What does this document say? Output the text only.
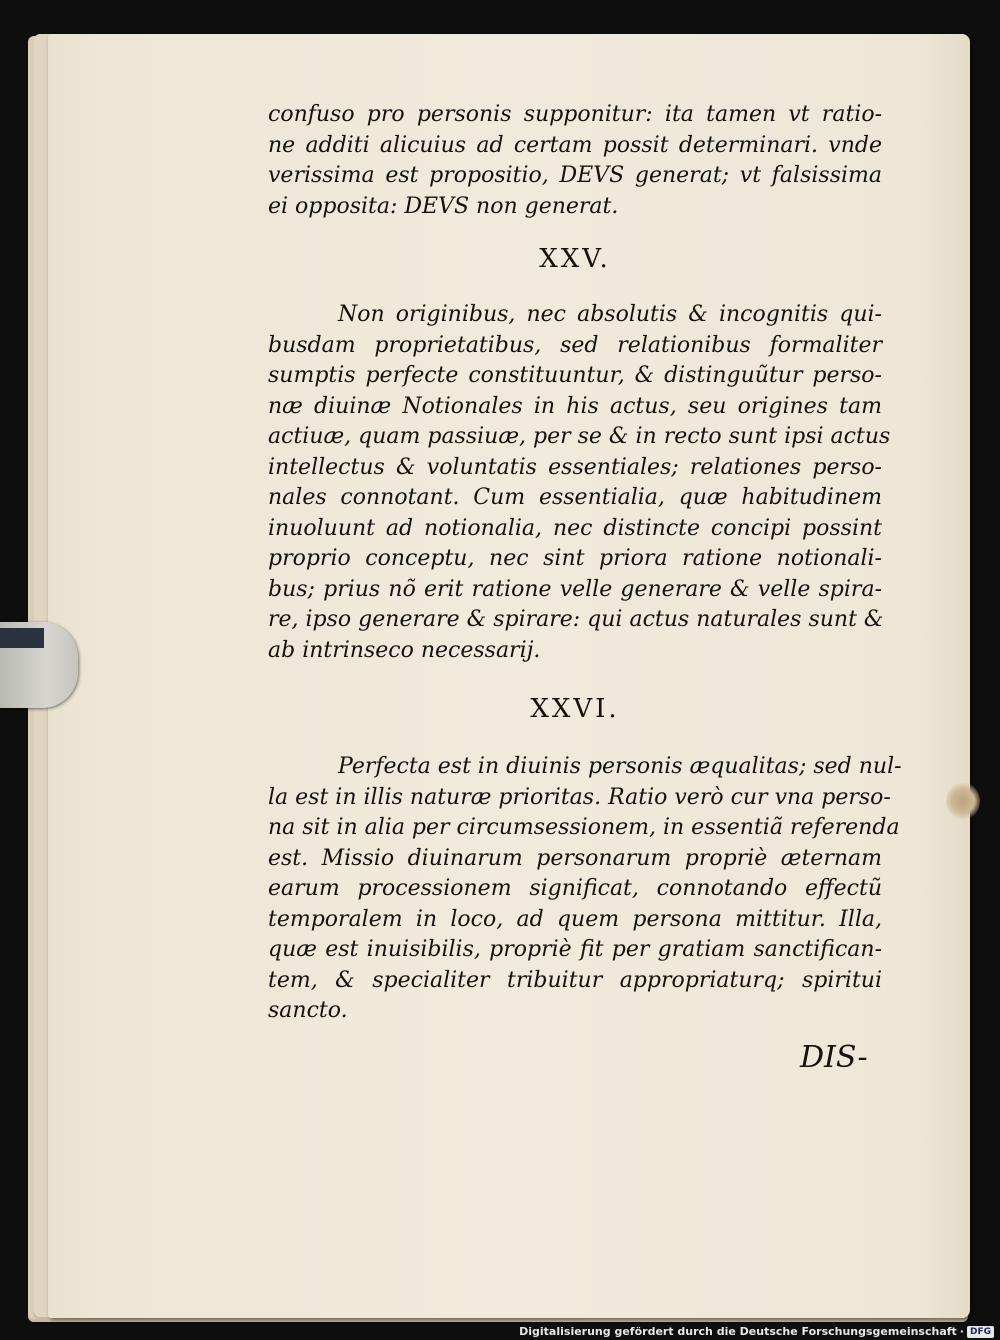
confuso pro personis supponitur: ita tamen vt ratio-
ne additi alicuius ad certam possit determinari. vnde
verissima est propositio, DEVS generat; vt falsissima
ei opposita: DEVS non generat.
XXV.
Non originibus, nec absolutis & incognitis qui-
busdam proprietatibus, sed relationibus formaliter
sumptis perfecte constituuntur, & distinguũtur perso-
næ diuinæ Notionales in his actus, seu origines tam
actiuæ, quam passiuæ, per se & in recto sunt ipsi actus
intellectus & voluntatis essentiales; relationes perso-
nales connotant. Cum essentialia, quæ habitudinem
inuoluunt ad notionalia, nec distincte concipi possint
proprio conceptu, nec sint priora ratione notionali-
bus; prius nõ erit ratione velle generare & velle spira-
re, ipso generare & spirare: qui actus naturales sunt &
ab intrinseco necessarij.
XXVI.
Perfecta est in diuinis personis æqualitas; sed nul-
la est in illis naturæ prioritas. Ratio verò cur vna perso-
na sit in alia per circumsessionem, in essentiã referenda
est. Missio diuinarum personarum propriè æternam
earum processionem significat, connotando effectũ
temporalem in loco, ad quem persona mittitur. Illa,
quæ est inuisibilis, propriè fit per gratiam sanctifican-
tem, & specialiter tribuitur appropriaturq; spiritui
sancto.
DIS-
Digitalisierung gefördert durch die Deutsche Forschungsgemeinschaft · DFG
